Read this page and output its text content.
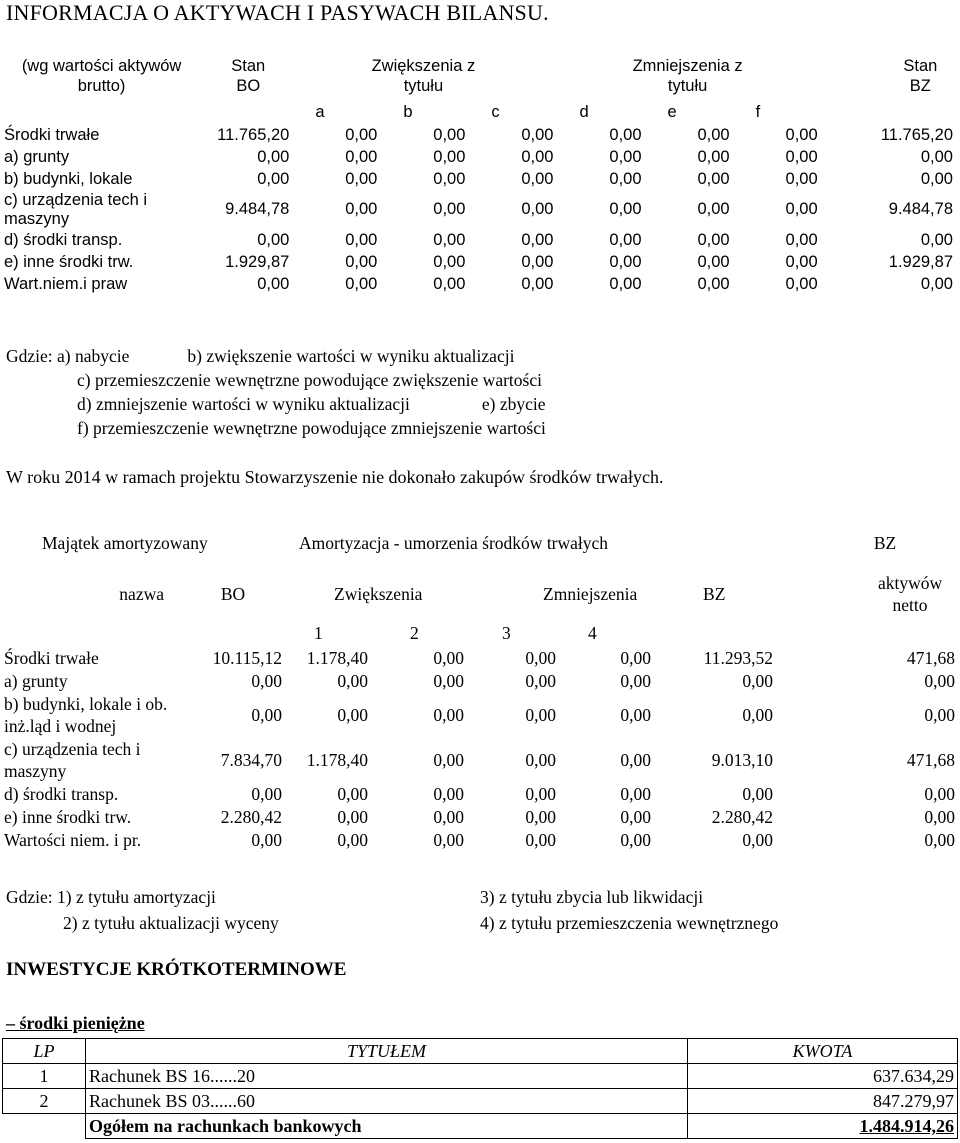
INFORMACJA O AKTYWACH I PASYWACH BILANSU.
(wg wartości aktywów brutto)	Stan BO	Zwiększenia z tytułu			Zmniejszenia z tytułu			Stan BZ
		a	b	c	d	e	f	
Środki trwałe	11.765,20	0,00	0,00	0,00	0,00	0,00	0,00	11.765,20
a) grunty	0,00	0,00	0,00	0,00	0,00	0,00	0,00	0,00
b) budynki, lokale	0,00	0,00	0,00	0,00	0,00	0,00	0,00	0,00
c) urządzenia tech i maszyny	9.484,78	0,00	0,00	0,00	0,00	0,00	0,00	9.484,78
d) środki transp.	0,00	0,00	0,00	0,00	0,00	0,00	0,00	0,00
e) inne środki trw.	1.929,87	0,00	0,00	0,00	0,00	0,00	0,00	1.929,87
Wart.niem.i praw	0,00	0,00	0,00	0,00	0,00	0,00	0,00	0,00
Gdzie: a) nabycie	b) zwiększenie wartości w wyniku aktualizacji
c) przemieszczenie wewnętrzne powodujące zwiększenie wartości
d) zmniejszenie wartości w wyniku aktualizacji	e) zbycie
f) przemieszczenie wewnętrzne powodujące zmniejszenie wartości
W roku 2014 w ramach projektu Stowarzyszenie nie dokonało zakupów środków trwałych.
Majątek amortyzowany		Amortyzacja - umorzenia środków trwałych					BZ
nazwa	BO	Zwiększenia		Zmniejszenia		BZ	aktywów netto
		1	2	3	4		
Środki trwałe	10.115,12	1.178,40	0,00	0,00	0,00	11.293,52	471,68
a) grunty	0,00	0,00	0,00	0,00	0,00	0,00	0,00
b) budynki, lokale i ob. inż.ląd i wodnej	0,00	0,00	0,00	0,00	0,00	0,00	0,00
c) urządzenia tech i maszyny	7.834,70	1.178,40	0,00	0,00	0,00	9.013,10	471,68
d) środki transp.	0,00	0,00	0,00	0,00	0,00	0,00	0,00
e) inne środki trw.	2.280,42	0,00	0,00	0,00	0,00	2.280,42	0,00
Wartości niem. i pr.	0,00	0,00	0,00	0,00	0,00	0,00	0,00
Gdzie: 1) z tytułu amortyzacji	3) z tytułu zbycia lub likwidacji
2) z tytułu aktualizacji wyceny	4) z tytułu przemieszczenia wewnętrznego
INWESTYCJE KRÓTKOTERMINOWE
– środki pieniężne
LP	TYTUŁEM	KWOTA
1	Rachunek BS 16......20	637.634,29
2	Rachunek BS 03......60	847.279,97
	Ogółem na rachunkach bankowych	1.484.914,26
